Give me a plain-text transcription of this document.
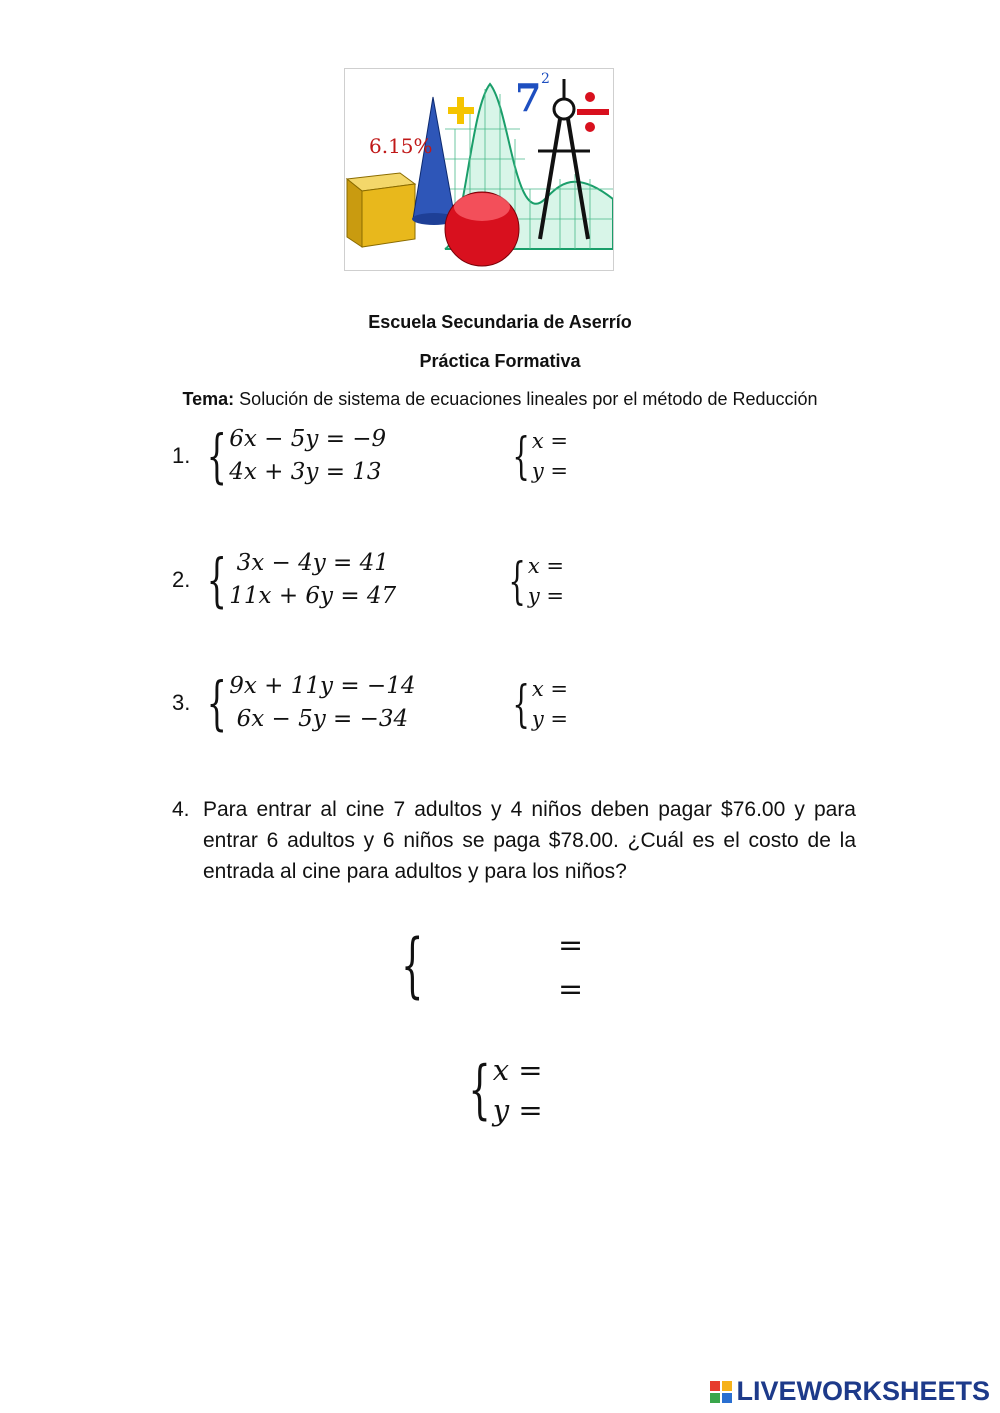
6.15%
7 2
Escuela Secundaria de Aserrío
Práctica Formativa
Tema: Solución de sistema de ecuaciones lineales por el método de Reducción
1. { 6x − 5y = −9
4x + 3y = 13	{ x =
y =
2. { 3x − 4y = 41
11x + 6y = 47 { x =
y =
3. { 9x + 11y = −14
6x − 5y = −34 { x =
y =
4. Para entrar al cine 7 adultos y 4 niños deben pagar $76.00 y para entrar 6 adultos y 6 niños se paga $78.00. ¿Cuál es el costo de la entrada al cine para adultos y para los niños?
{	=
=
{ x =
y =
LIVEWORKSHEETS
